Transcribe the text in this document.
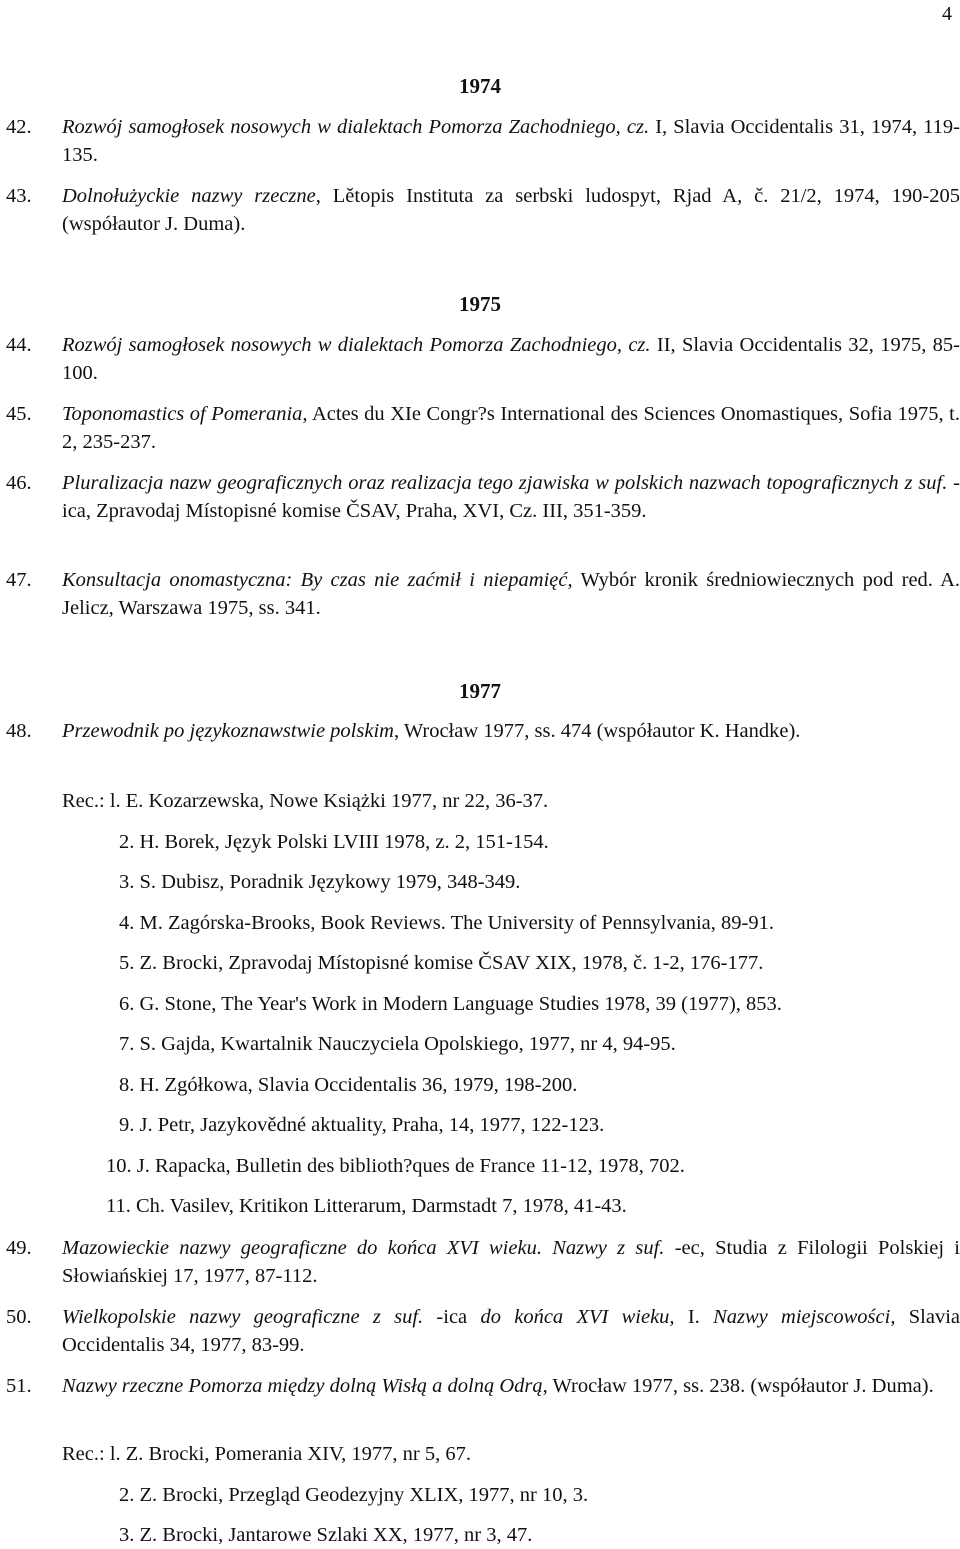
4
1974
42. Rozwój samogłosek nosowych w dialektach Pomorza Zachodniego, cz. I, Slavia Occidentalis 31, 1974, 119-135.
43. Dolnołużyckie nazwy rzeczne, Lětopis Instituta za serbski ludospyt, Rjad A, č. 21/2, 1974, 190-205 (współautor J. Duma).
1975
44. Rozwój samogłosek nosowych w dialektach Pomorza Zachodniego, cz. II, Slavia Occidentalis 32, 1975, 85-100.
45. Toponomastics of Pomerania, Actes du XIe Congr?s International des Sciences Onomastiques, Sofia 1975, t. 2, 235-237.
46. Pluralizacja nazw geograficznych oraz realizacja tego zjawiska w polskich nazwach topograficznych z suf. -ica, Zpravodaj Místopisné komise ČSAV, Praha, XVI, Cz. III, 351-359.
47. Konsultacja onomastyczna: By czas nie zaćmił i niepamięć, Wybór kronik średniowiecznych pod red. A. Jelicz, Warszawa 1975, ss. 341.
1977
48. Przewodnik po językoznawstwie polskim, Wrocław 1977, ss. 474 (współautor K. Handke).
Rec.: l. E. Kozarzewska, Nowe Książki 1977, nr 22, 36-37.
2. H. Borek, Język Polski LVIII 1978, z. 2, 151-154.
3. S. Dubisz, Poradnik Językowy 1979, 348-349.
4. M. Zagórska-Brooks, Book Reviews. The University of Pennsylvania, 89-91.
5. Z. Brocki, Zpravodaj Místopisné komise ČSAV XIX, 1978, č. 1-2, 176-177.
6. G. Stone, The Year's Work in Modern Language Studies 1978, 39 (1977), 853.
7. S. Gajda, Kwartalnik Nauczyciela Opolskiego, 1977, nr 4, 94-95.
8. H. Zgółkowa, Slavia Occidentalis 36, 1979, 198-200.
9. J. Petr, Jazykovědné aktuality, Praha, 14, 1977, 122-123.
10. J. Rapacka, Bulletin des biblioth?ques de France 11-12, 1978, 702.
11. Ch. Vasilev, Kritikon Litterarum, Darmstadt 7, 1978, 41-43.
49. Mazowieckie nazwy geograficzne do końca XVI wieku. Nazwy z suf. -ec, Studia z Filologii Polskiej i Słowiańskiej 17, 1977, 87-112.
50. Wielkopolskie nazwy geograficzne z suf. -ica do końca XVI wieku, I. Nazwy miejscowości, Slavia Occidentalis 34, 1977, 83-99.
51. Nazwy rzeczne Pomorza między dolną Wisłą a dolną Odrą, Wrocław 1977, ss. 238. (współautor J. Duma).
Rec.: l. Z. Brocki, Pomerania XIV, 1977, nr 5, 67.
2. Z. Brocki, Przegląd Geodezyjny XLIX, 1977, nr 10, 3.
3. Z. Brocki, Jantarowe Szlaki XX, 1977, nr 3, 47.
